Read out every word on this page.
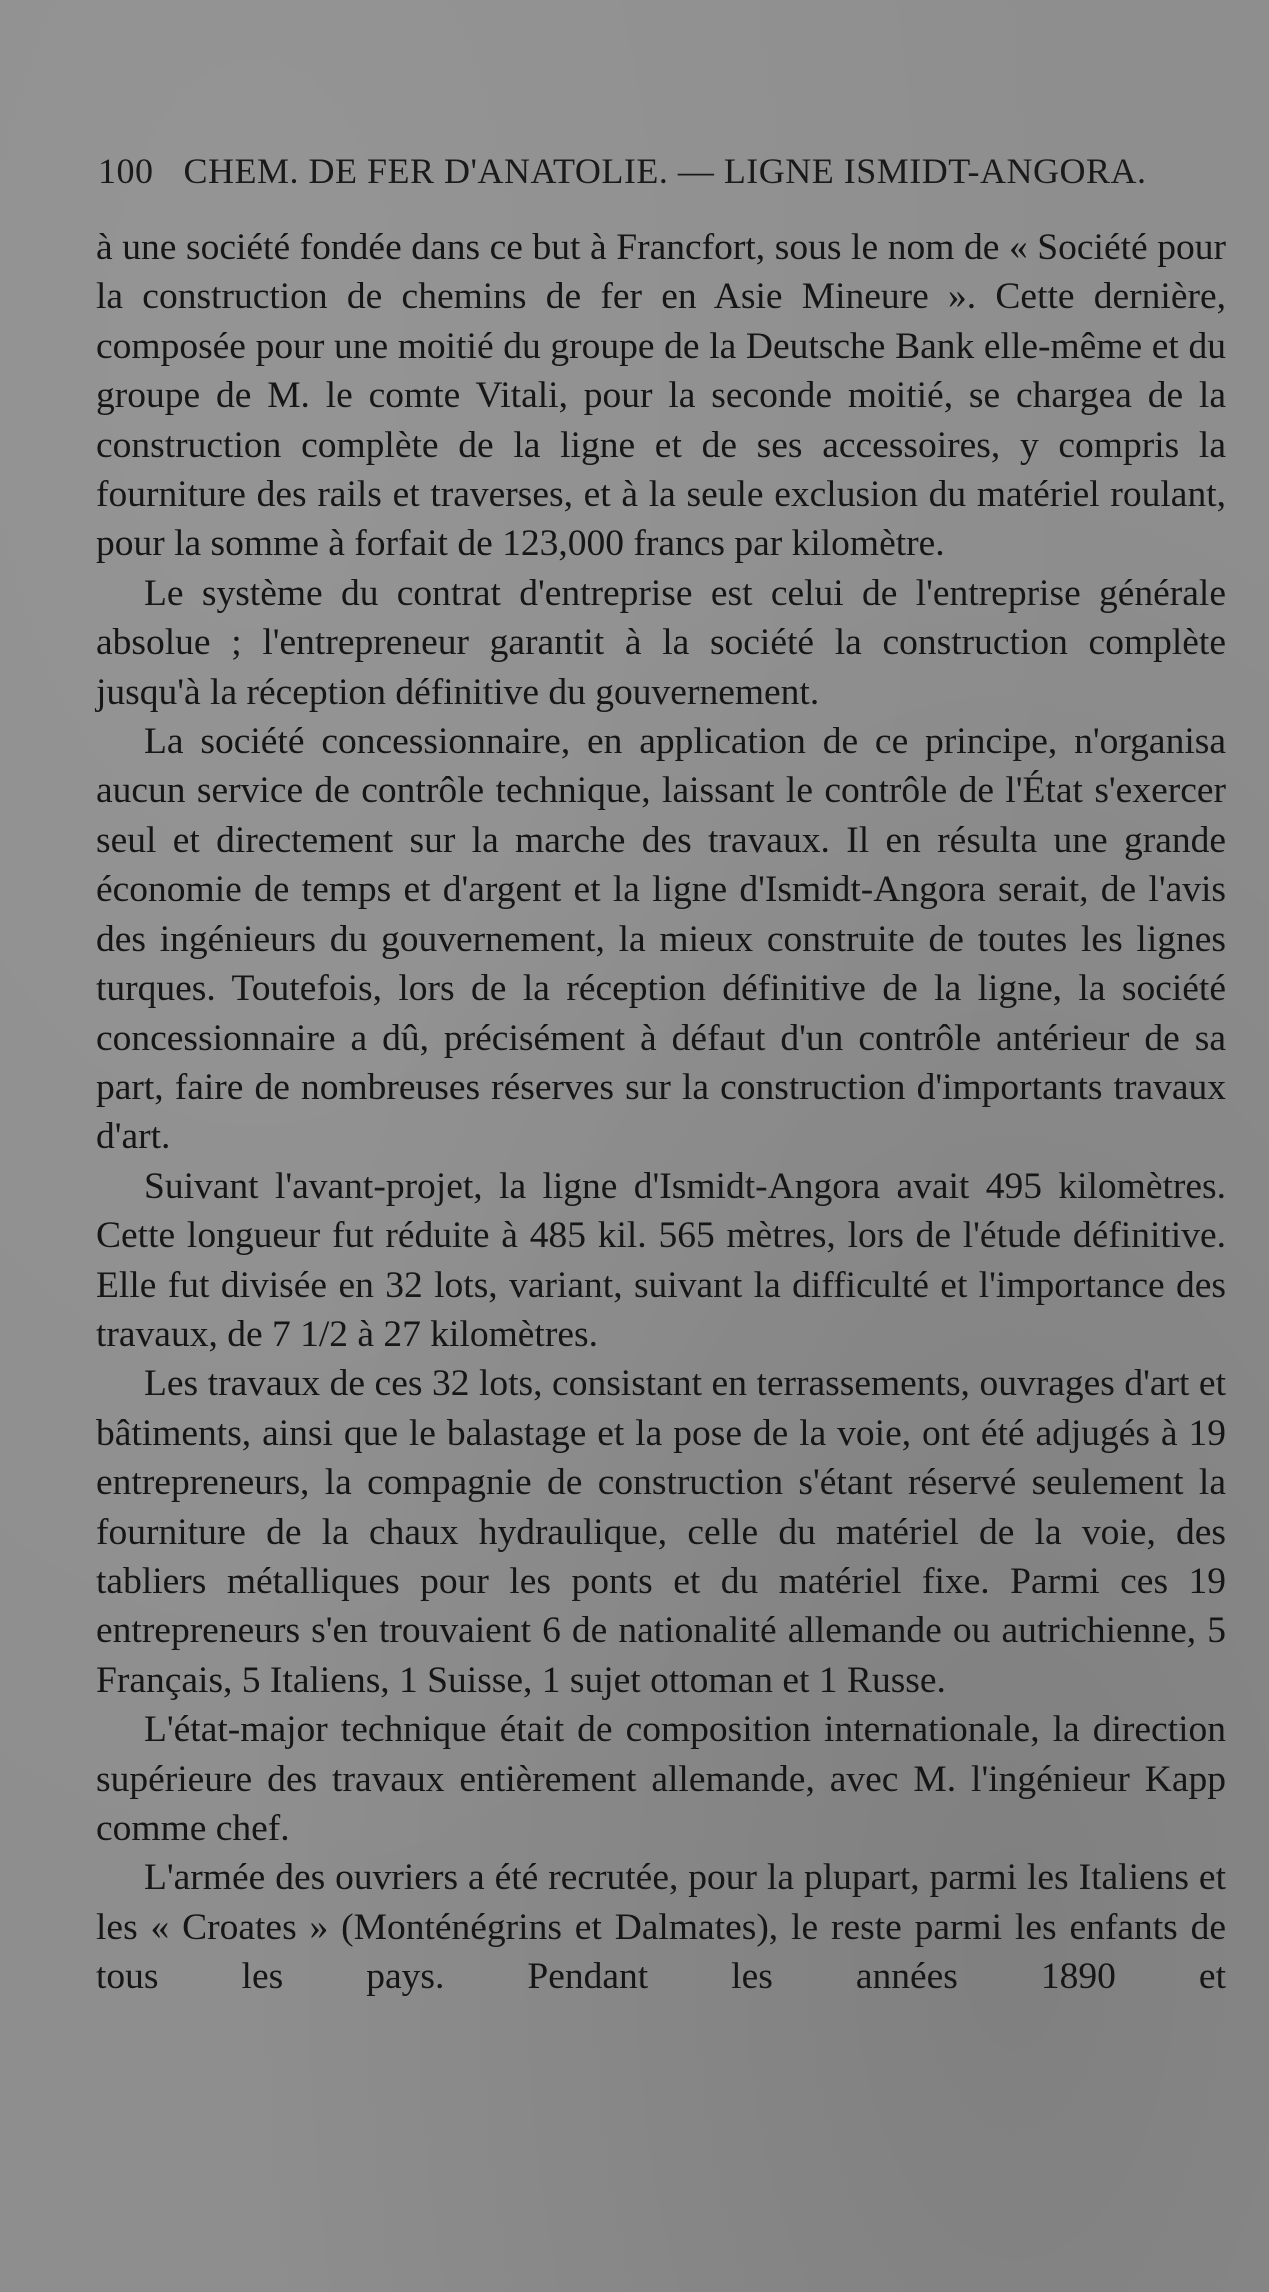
100 CHEM. DE FER D'ANATOLIE. — LIGNE ISMIDT-ANGORA.

à une société fondée dans ce but à Francfort, sous le nom de « Société pour la construction de chemins de fer en Asie Mineure ». Cette dernière, composée pour une moitié du groupe de la Deutsche Bank elle-même et du groupe de M. le comte Vitali, pour la seconde moitié, se chargea de la construction complète de la ligne et de ses accessoires, y compris la fourniture des rails et traverses, et à la seule exclusion du matériel roulant, pour la somme à forfait de 123,000 francs par kilomètre.

Le système du contrat d'entreprise est celui de l'entreprise générale absolue ; l'entrepreneur garantit à la société la construction complète jusqu'à la réception définitive du gouvernement.

La société concessionnaire, en application de ce principe, n'organisa aucun service de contrôle technique, laissant le contrôle de l'État s'exercer seul et directement sur la marche des travaux. Il en résulta une grande économie de temps et d'argent et la ligne d'Ismidt-Angora serait, de l'avis des ingénieurs du gouvernement, la mieux construite de toutes les lignes turques. Toutefois, lors de la réception définitive de la ligne, la société concessionnaire a dû, précisément à défaut d'un contrôle antérieur de sa part, faire de nombreuses réserves sur la construction d'importants travaux d'art.

Suivant l'avant-projet, la ligne d'Ismidt-Angora avait 495 kilomètres. Cette longueur fut réduite à 485 kil. 565 mètres, lors de l'étude définitive. Elle fut divisée en 32 lots, variant, suivant la difficulté et l'importance des travaux, de 7 1/2 à 27 kilomètres.

Les travaux de ces 32 lots, consistant en terrassements, ouvrages d'art et bâtiments, ainsi que le balastage et la pose de la voie, ont été adjugés à 19 entrepreneurs, la compagnie de construction s'étant réservé seulement la fourniture de la chaux hydraulique, celle du matériel de la voie, des tabliers métalliques pour les ponts et du matériel fixe. Parmi ces 19 entrepreneurs s'en trouvaient 6 de nationalité allemande ou autrichienne, 5 Français, 5 Italiens, 1 Suisse, 1 sujet ottoman et 1 Russe.

L'état-major technique était de composition internationale, la direction supérieure des travaux entièrement allemande, avec M. l'ingénieur Kapp comme chef.

L'armée des ouvriers a été recrutée, pour la plupart, parmi les Italiens et les « Croates » (Monténégrins et Dalmates), le reste parmi les enfants de tous les pays. Pendant les années 1890 et
